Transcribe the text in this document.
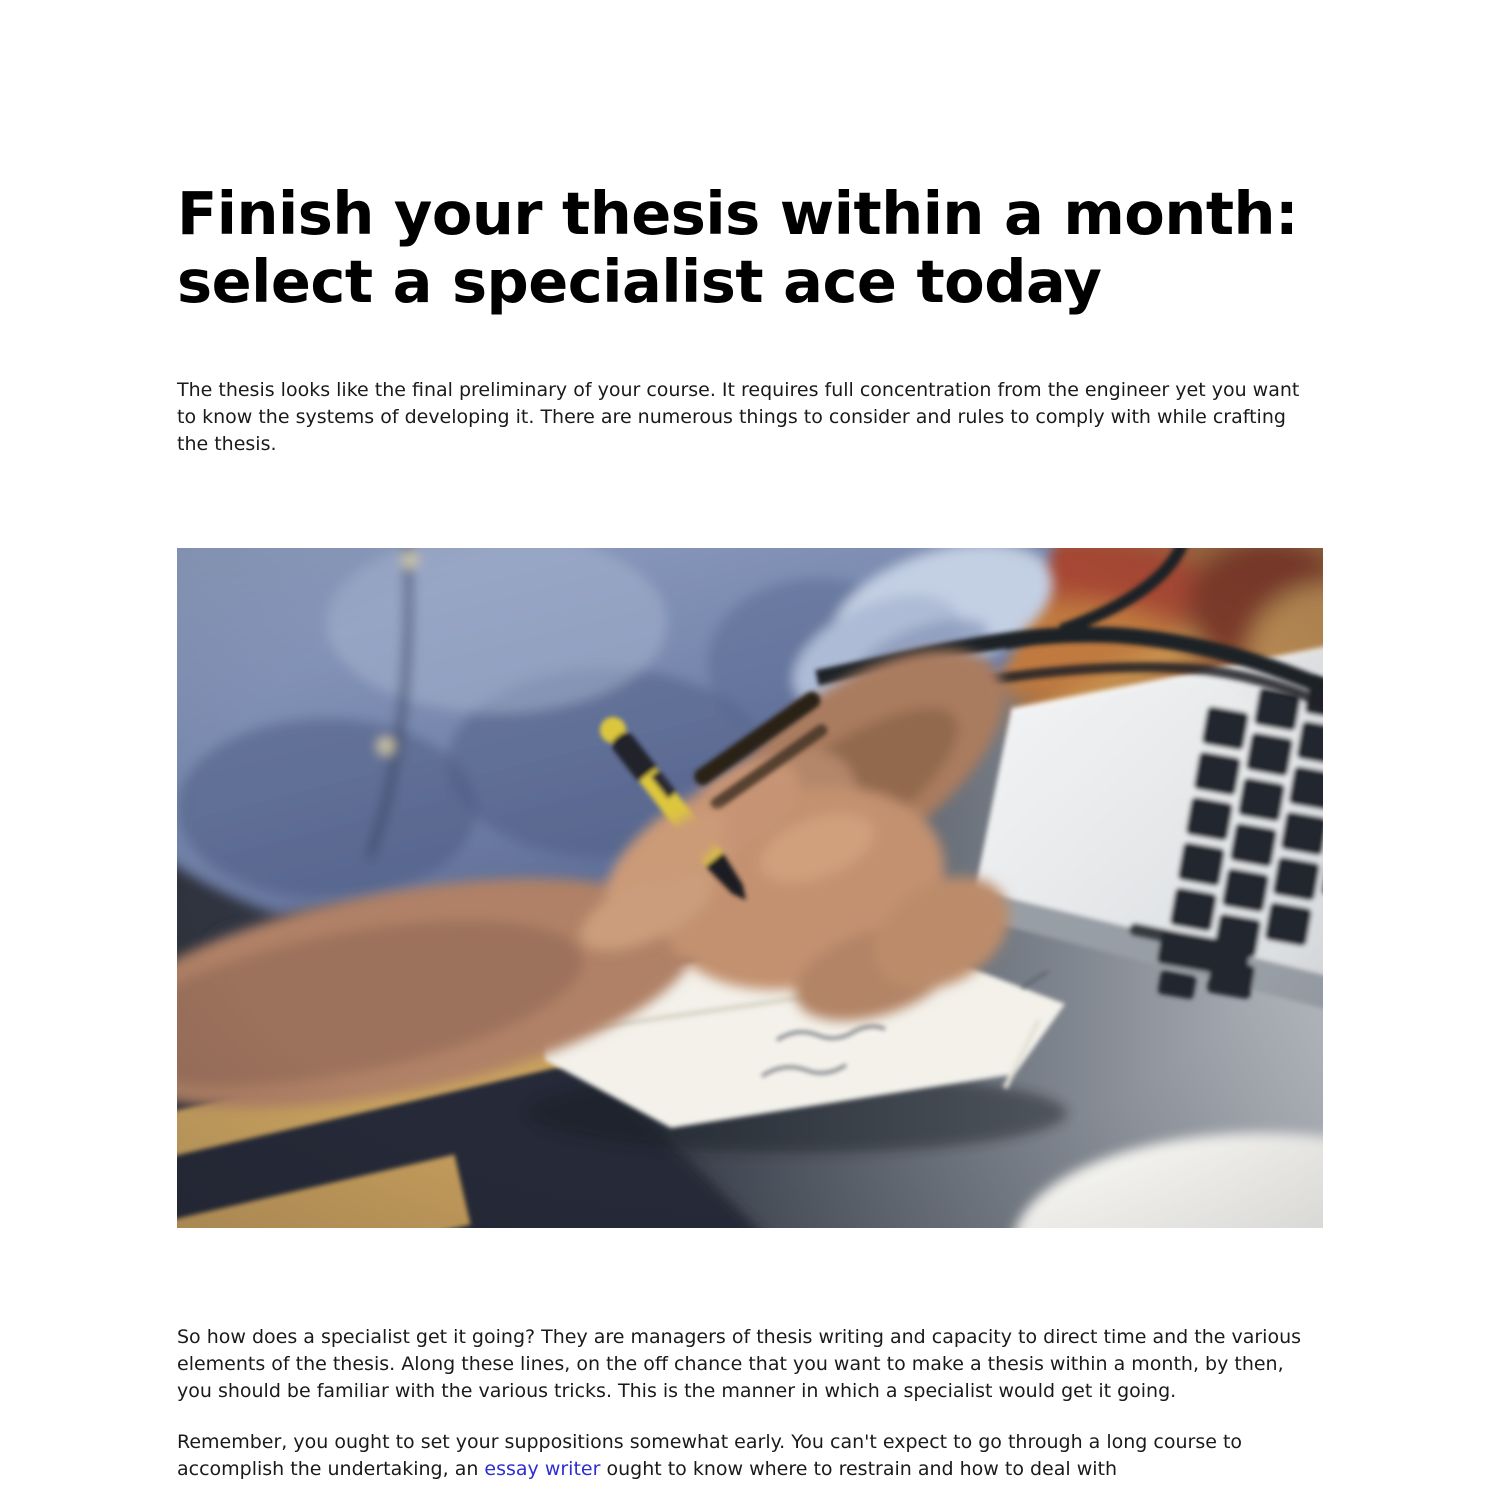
Finish your thesis within a month:
select a specialist ace today

The thesis looks like the final preliminary of your course. It requires full concentration from the engineer yet you want to know the systems of developing it. There are numerous things to consider and rules to comply with while crafting the thesis.

So how does a specialist get it going? They are managers of thesis writing and capacity to direct time and the various elements of the thesis. Along these lines, on the off chance that you want to make a thesis within a month, by then, you should be familiar with the various tricks. This is the manner in which a specialist would get it going.

Remember, you ought to set your suppositions somewhat early. You can't expect to go through a long course to accomplish the undertaking, an essay writer ought to know where to restrain and how to deal with
